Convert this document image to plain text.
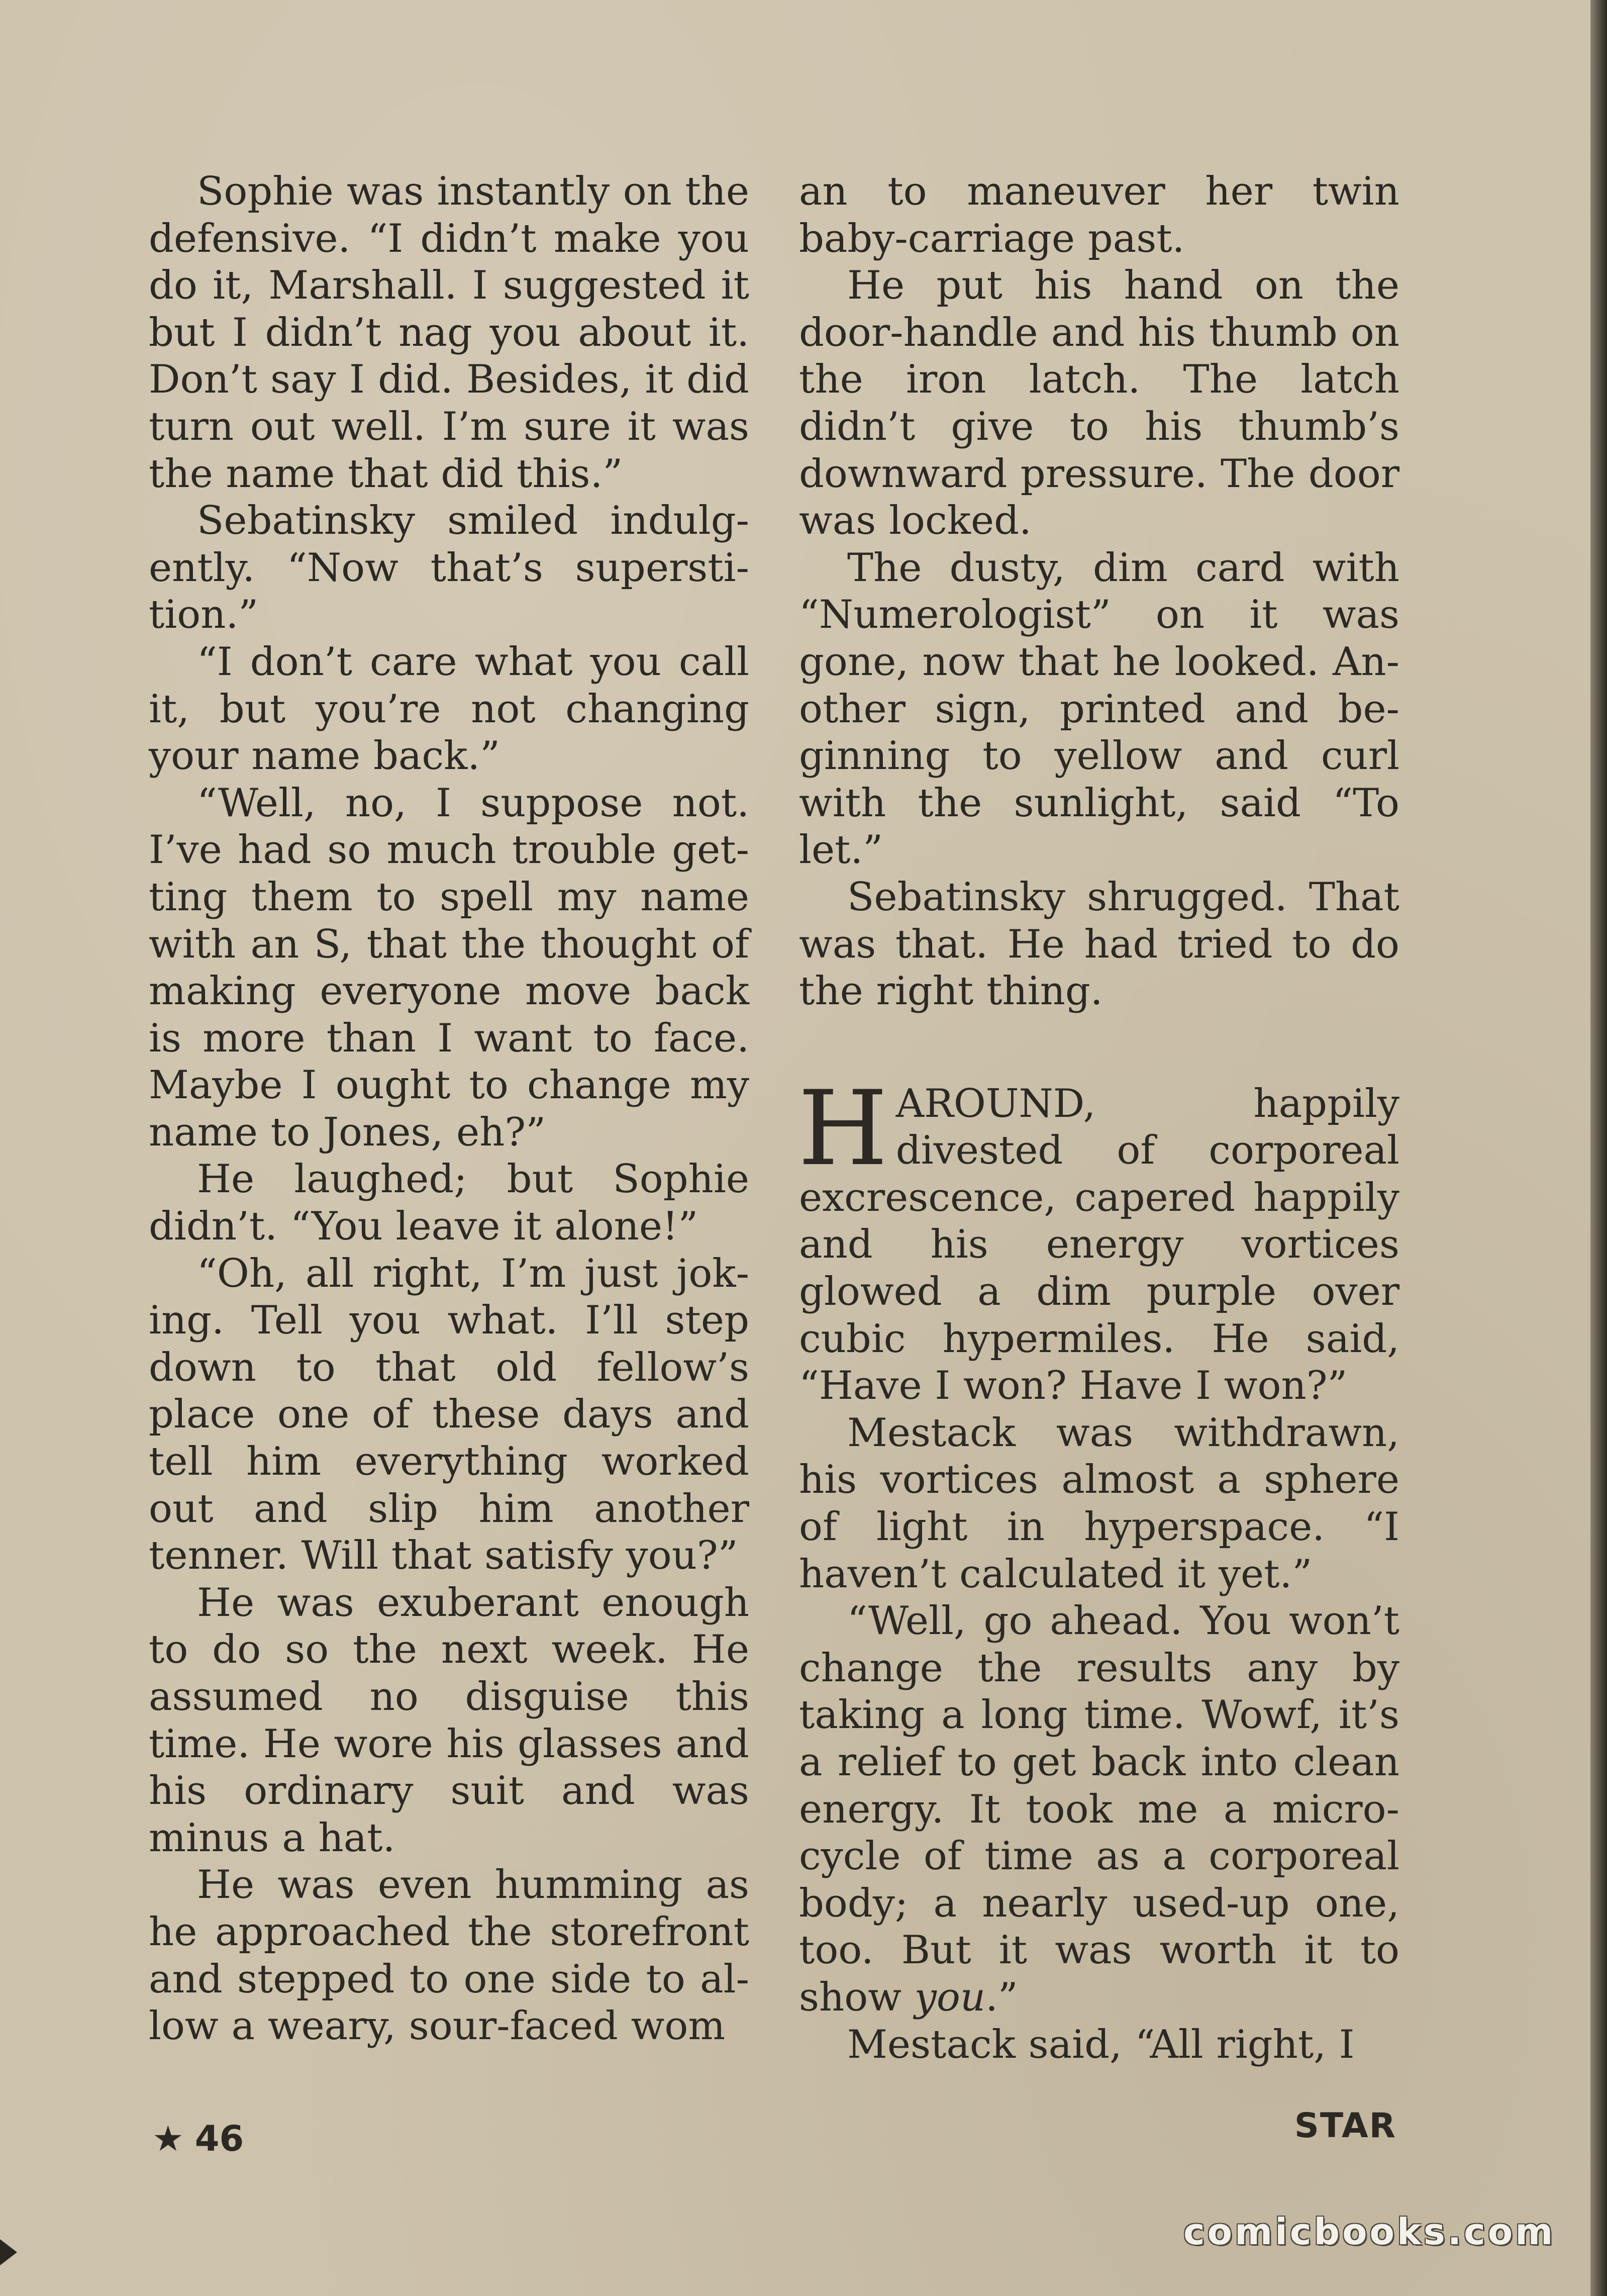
Sophie was instantly on the defensive. “I didn’t make you do it, Marshall. I suggested it but I didn’t nag you about it. Don’t say I did. Besides, it did turn out well. I’m sure it was the name that did this.”

Sebatinsky smiled indulgently. “Now that’s superstition.”

“I don’t care what you call it, but you’re not changing your name back.”

“Well, no, I suppose not. I’ve had so much trouble getting them to spell my name with an S, that the thought of making everyone move back is more than I want to face. Maybe I ought to change my name to Jones, eh?”

He laughed; but Sophie didn’t. “You leave it alone!”

“Oh, all right, I’m just joking. Tell you what. I’ll step down to that old fellow’s place one of these days and tell him everything worked out and slip him another tenner. Will that satisfy you?”

He was exuberant enough to do so the next week. He assumed no disguise this time. He wore his glasses and his ordinary suit and was minus a hat.

He was even humming as he approached the storefront and stepped to one side to allow a weary, sour-faced wom

an to maneuver her twin baby-carriage past.

He put his hand on the door-handle and his thumb on the iron latch. The latch didn’t give to his thumb’s downward pressure. The door was locked.

The dusty, dim card with “Numerologist” on it was gone, now that he looked. Another sign, printed and beginning to yellow and curl with the sunlight, said “To let.”

Sebatinsky shrugged. That was that. He had tried to do the right thing.

HAROUND, happily divested of corporeal excrescence, capered happily and his energy vortices glowed a dim purple over cubic hypermiles. He said, “Have I won? Have I won?”

Mestack was withdrawn, his vortices almost a sphere of light in hyperspace. “I haven’t calculated it yet.”

“Well, go ahead. You won’t change the results any by taking a long time. Wowf, it’s a relief to get back into clean energy. It took me a microcycle of time as a corporeal body; a nearly used-up one, too. But it was worth it to show you.”

Mestack said, “All right, I

★ 46	STAR
comicbooks.com
